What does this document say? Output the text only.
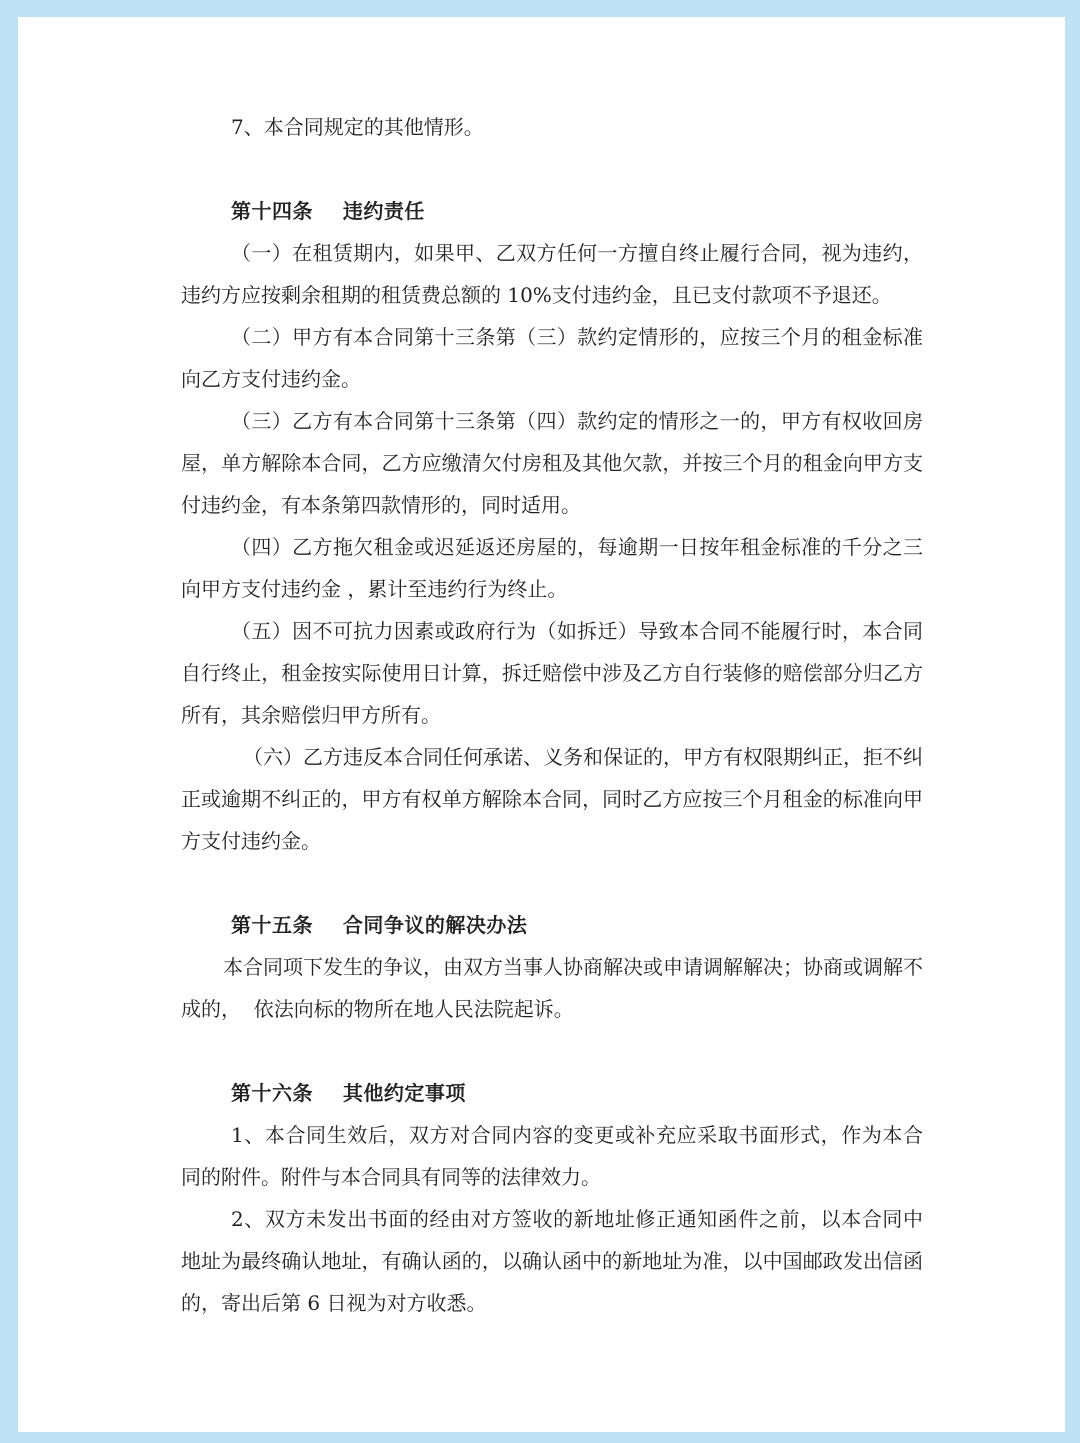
7、本合同规定的其他情形。

第十四条    违约责任

（一）在租赁期内，如果甲、乙双方任何一方擅自终止履行合同，视为违约，违约方应按剩余租期的租赁费总额的 10%支付违约金，且已支付款项不予退还。

（二）甲方有本合同第十三条第（三）款约定情形的，应按三个月的租金标准向乙方支付违约金。

（三）乙方有本合同第十三条第（四）款约定的情形之一的，甲方有权收回房屋，单方解除本合同，乙方应缴清欠付房租及其他欠款，并按三个月的租金向甲方支付违约金，有本条第四款情形的，同时适用。

（四）乙方拖欠租金或迟延返还房屋的，每逾期一日按年租金标准的千分之三向甲方支付违约金 ，累计至违约行为终止。

（五）因不可抗力因素或政府行为（如拆迁）导致本合同不能履行时，本合同自行终止，租金按实际使用日计算，拆迁赔偿中涉及乙方自行装修的赔偿部分归乙方所有，其余赔偿归甲方所有。

（六）乙方违反本合同任何承诺、义务和保证的，甲方有权限期纠正，拒不纠正或逾期不纠正的，甲方有权单方解除本合同，同时乙方应按三个月租金的标准向甲方支付违约金。

第十五条    合同争议的解决办法

本合同项下发生的争议，由双方当事人协商解决或申请调解解决；协商或调解不成的，  依法向标的物所在地人民法院起诉。

第十六条    其他约定事项

1、本合同生效后，双方对合同内容的变更或补充应采取书面形式，作为本合同的附件。附件与本合同具有同等的法律效力。

2、双方未发出书面的经由对方签收的新地址修正通知函件之前，以本合同中地址为最终确认地址，有确认函的，以确认函中的新地址为准，以中国邮政发出信函的，寄出后第 6 日视为对方收悉。
